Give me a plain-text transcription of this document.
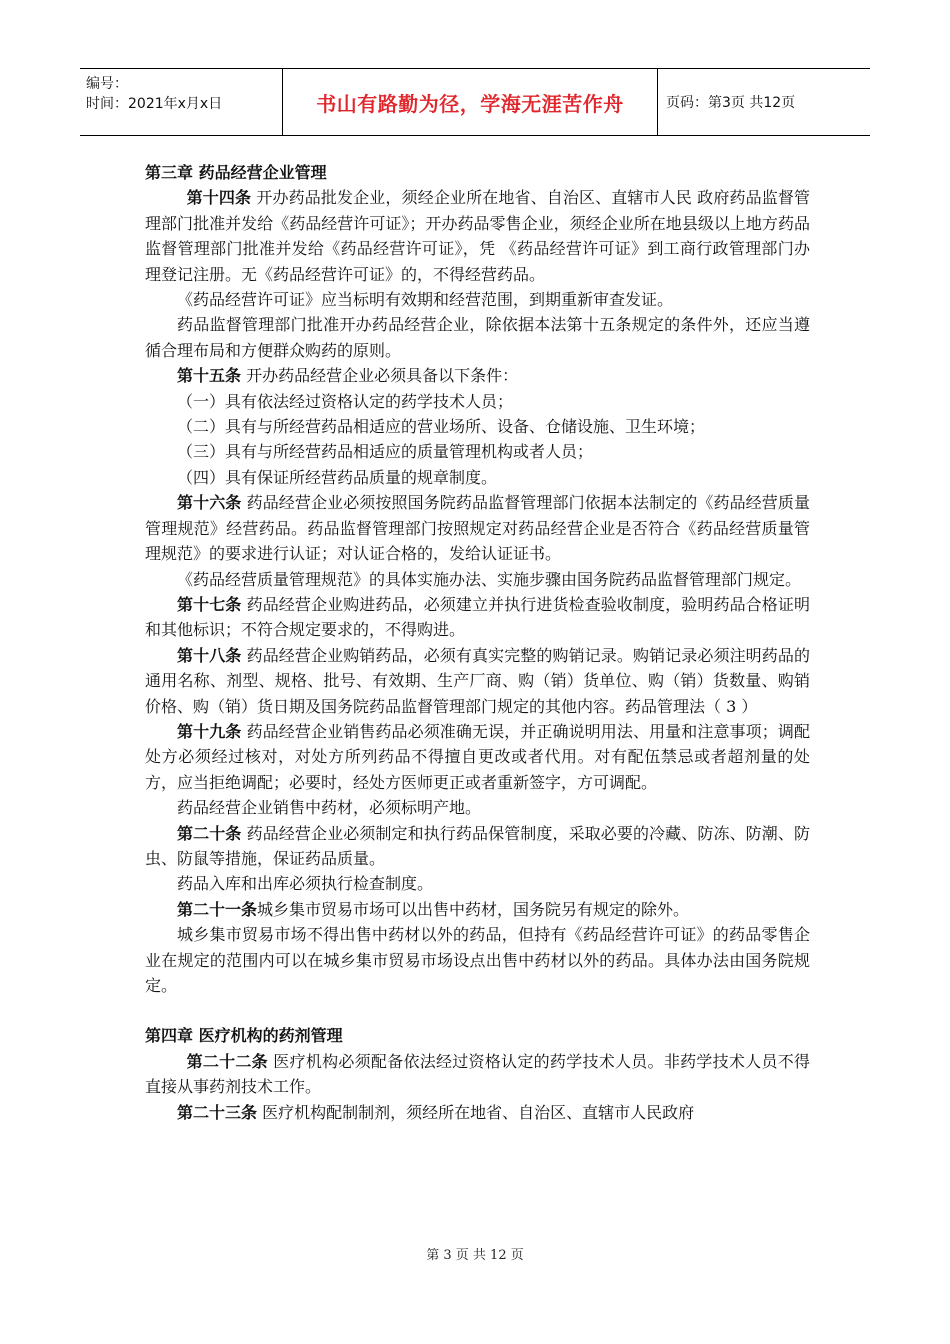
编号：
时间：2021年x月x日	书山有路勤为径，学海无涯苦作舟	页码：第3页 共12页

第三章 药品经营企业管理

第十四条 开办药品批发企业，须经企业所在地省、自治区、直辖市人民 政府药品监督管理部门批准并发给《药品经营许可证》；开办药品零售企业，须经企业所在地县级以上地方药品监督管理部门批准并发给《药品经营许可证》，凭 《药品经营许可证》到工商行政管理部门办理登记注册。无《药品经营许可证》的，不得经营药品。

《药品经营许可证》应当标明有效期和经营范围，到期重新审查发证。

药品监督管理部门批准开办药品经营企业，除依据本法第十五条规定的条件外，还应当遵循合理布局和方便群众购药的原则。

第十五条 开办药品经营企业必须具备以下条件：

（一）具有依法经过资格认定的药学技术人员；

（二）具有与所经营药品相适应的营业场所、设备、仓储设施、卫生环境；

（三）具有与所经营药品相适应的质量管理机构或者人员；

（四）具有保证所经营药品质量的规章制度。

第十六条 药品经营企业必须按照国务院药品监督管理部门依据本法制定的《药品经营质量管理规范》经营药品。药品监督管理部门按照规定对药品经营企业是否符合《药品经营质量管理规范》的要求进行认证；对认证合格的，发给认证证书。

《药品经营质量管理规范》的具体实施办法、实施步骤由国务院药品监督管理部门规定。

第十七条 药品经营企业购进药品，必须建立并执行进货检查验收制度，验明药品合格证明和其他标识；不符合规定要求的，不得购进。

第十八条 药品经营企业购销药品，必须有真实完整的购销记录。购销记录必须注明药品的通用名称、剂型、规格、批号、有效期、生产厂商、购（销）货单位、购（销）货数量、购销价格、购（销）货日期及国务院药品监督管理部门规定的其他内容。药品管理法（ 3 ）

第十九条 药品经营企业销售药品必须准确无误，并正确说明用法、用量和注意事项；调配处方必须经过核对，对处方所列药品不得擅自更改或者代用。对有配伍禁忌或者超剂量的处方，应当拒绝调配；必要时，经处方医师更正或者重新签字，方可调配。

药品经营企业销售中药材，必须标明产地。

第二十条 药品经营企业必须制定和执行药品保管制度，采取必要的冷藏、防冻、防潮、防虫、防鼠等措施，保证药品质量。

药品入库和出库必须执行检查制度。

第二十一条城乡集市贸易市场可以出售中药材，国务院另有规定的除外。

城乡集市贸易市场不得出售中药材以外的药品，但持有《药品经营许可证》的药品零售企业在规定的范围内可以在城乡集市贸易市场设点出售中药材以外的药品。具体办法由国务院规定。

第四章 医疗机构的药剂管理

第二十二条 医疗机构必须配备依法经过资格认定的药学技术人员。非药学技术人员不得直接从事药剂技术工作。

第二十三条 医疗机构配制制剂，须经所在地省、自治区、直辖市人民政府

第 3 页 共 12 页
